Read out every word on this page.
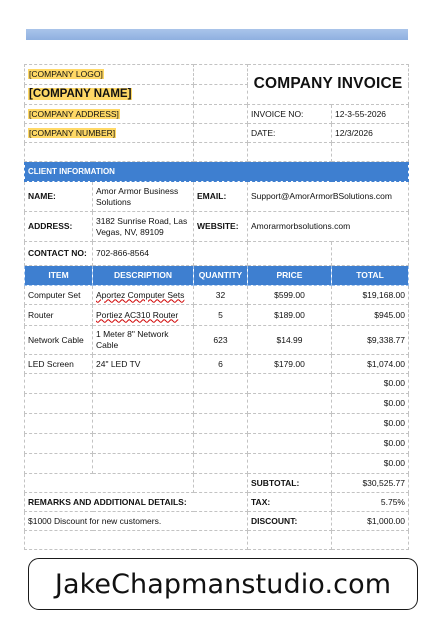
[COMPANY LOGO]			COMPANY INVOICE	
[COMPANY NAME]				
[COMPANY ADDRESS]			INVOICE NO:	12-3-55-2026
[COMPANY NUMBER]			DATE:	12/3/2026

CLIENT INFORMATION				
NAME:	Amor Armor Business Solutions	EMAIL:	Support@AmorArmorBSolutions.com	
ADDRESS:	3182 Sunrise Road, Las Vegas, NV, 89109	WEBSITE:	Amorarmorbsolutions.com	
CONTACT NO:	702-866-8564			
ITEM	DESCRIPTION	QUANTITY	PRICE	TOTAL
Computer Set	Aportez Computer Sets	32	$599.00	$19,168.00
Router	Portiez AC310 Router	5	$189.00	$945.00
Network Cable	1 Meter 8" Network Cable	623	$14.99	$9,338.77
LED Screen	24" LED TV	6	$179.00	$1,074.00
				$0.00
				$0.00
				$0.00
				$0.00
				$0.00
			SUBTOTAL:	$30,525.77
REMARKS AND ADDITIONAL DETAILS:			TAX:	5.75%
$1000 Discount for new customers.			DISCOUNT:	$1,000.00

JakeChapmanstudio.com
